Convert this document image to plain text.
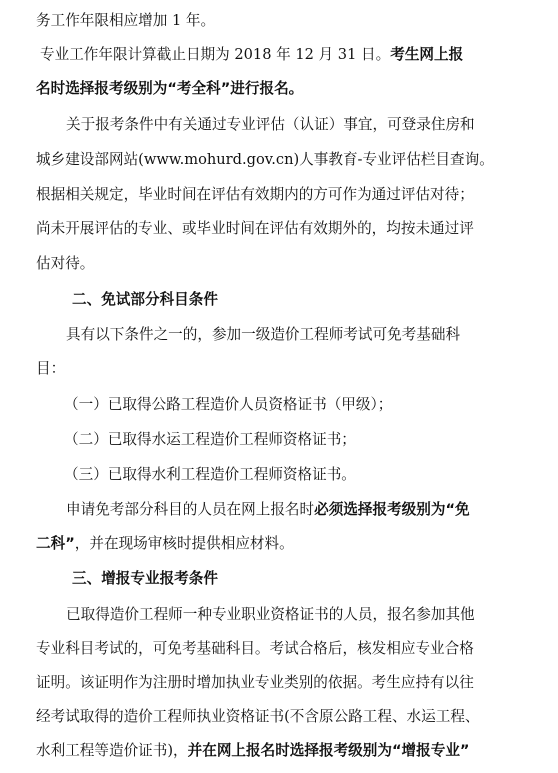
务工作年限相应增加 1 年。
专业工作年限计算截止日期为 2018 年 12 月 31 日。考生网上报
名时选择报考级别为“考全科”进行报名。
关于报考条件中有关通过专业评估（认证）事宜，可登录住房和
城乡建设部网站(www.mohurd.gov.cn)人事教育-专业评估栏目查询。
根据相关规定，毕业时间在评估有效期内的方可作为通过评估对待；
尚未开展评估的专业、或毕业时间在评估有效期外的，均按未通过评
估对待。
二、免试部分科目条件
具有以下条件之一的，参加一级造价工程师考试可免考基础科
目：
（一）已取得公路工程造价人员资格证书（甲级）；
（二）已取得水运工程造价工程师资格证书；
（三）已取得水利工程造价工程师资格证书。
申请免考部分科目的人员在网上报名时必须选择报考级别为“免
二科”，并在现场审核时提供相应材料。
三、增报专业报考条件
已取得造价工程师一种专业职业资格证书的人员，报名参加其他
专业科目考试的，可免考基础科目。考试合格后，核发相应专业合格
证明。该证明作为注册时增加执业专业类别的依据。考生应持有以往
经考试取得的造价工程师执业资格证书(不含原公路工程、水运工程、
水利工程等造价证书)，并在网上报名时选择报考级别为“增报专业”
